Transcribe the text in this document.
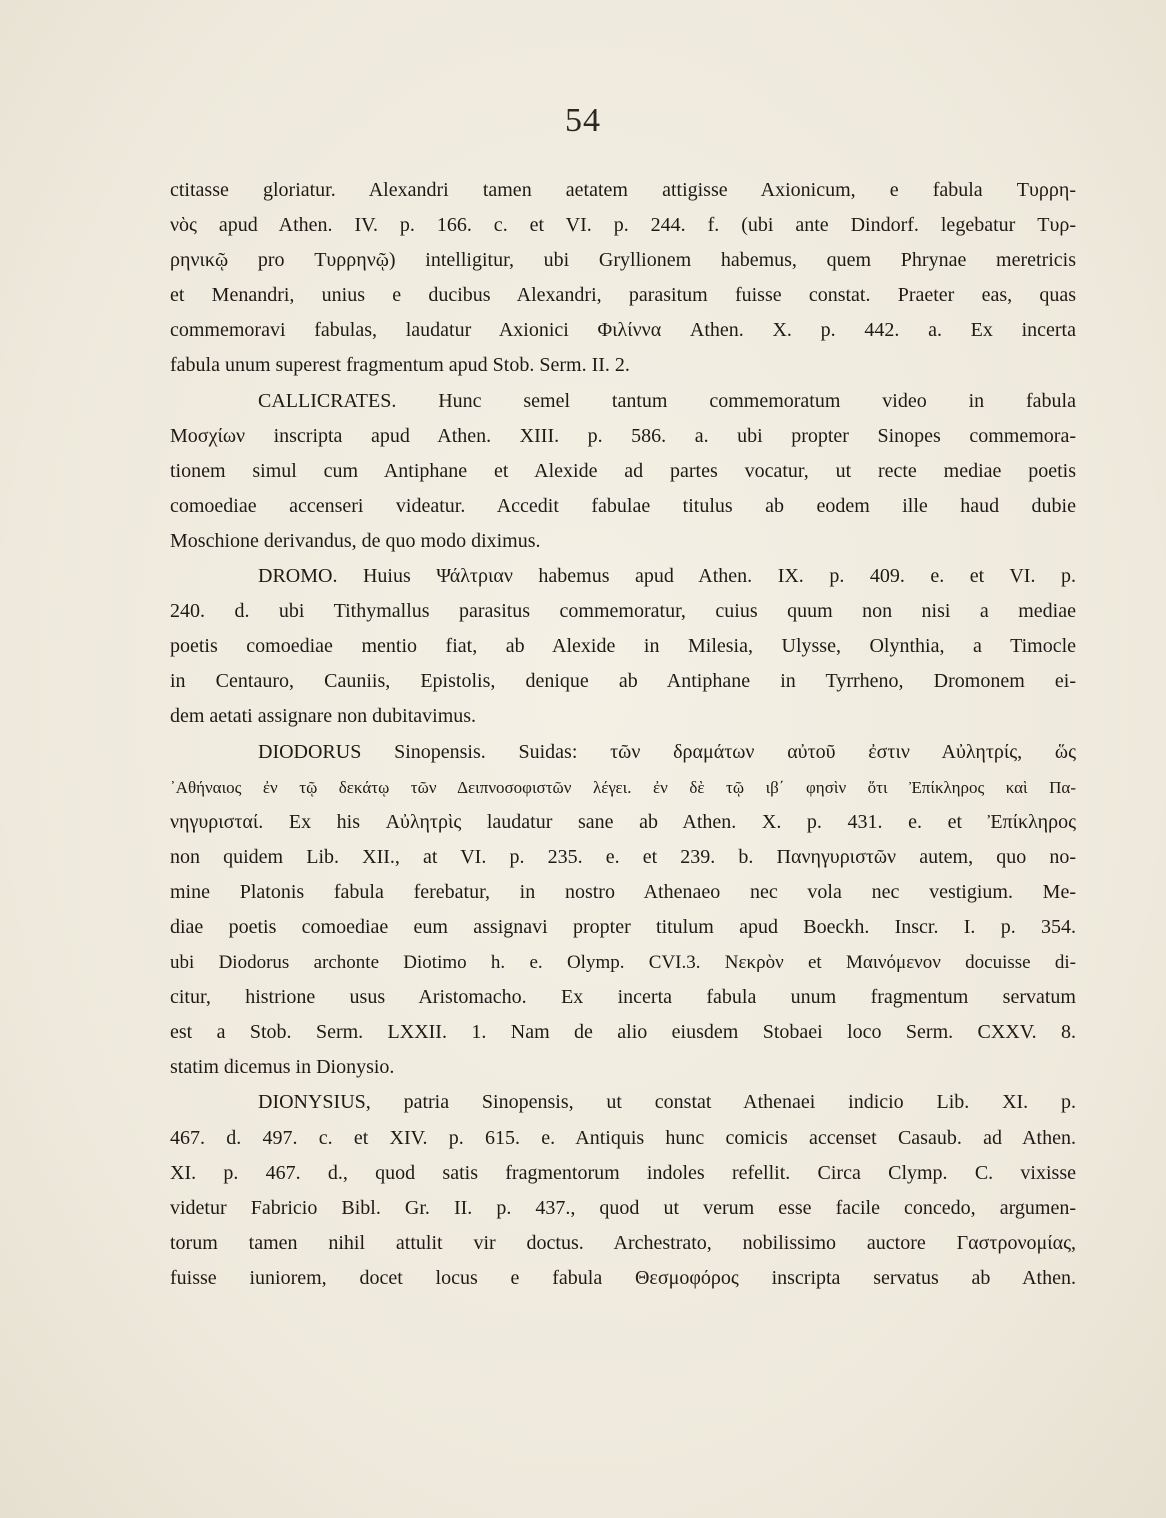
54
ctitasse gloriatur. Alexandri tamen aetatem attigisse Axionicum, e fabula Τυρρη-
νὸς apud Athen. IV. p. 166. c. et VI. p. 244. f. (ubi ante Dindorf. legebatur Τυρ-
ρηνικῷ pro Τυρρηνῷ) intelligitur, ubi Gryllionem habemus, quem Phrynae meretricis
et Menandri, unius e ducibus Alexandri, parasitum fuisse constat. Praeter eas, quas
commemoravi fabulas, laudatur Axionici Φιλίννα Athen. X. p. 442. a. Ex incerta
fabula unum superest fragmentum apud Stob. Serm. II. 2.
CALLICRATES. Hunc semel tantum commemoratum video in fabula
Μοσχίων inscripta apud Athen. XIII. p. 586. a. ubi propter Sinopes commemora-
tionem simul cum Antiphane et Alexide ad partes vocatur, ut recte mediae poetis
comoediae accenseri videatur. Accedit fabulae titulus ab eodem ille haud dubie
Moschione derivandus, de quo modo diximus.
DROMO. Huius Ψάλτριαν habemus apud Athen. IX. p. 409. e. et VI. p.
240. d. ubi Tithymallus parasitus commemoratur, cuius quum non nisi a mediae
poetis comoediae mentio fiat, ab Alexide in Milesia, Ulysse, Olynthia, a Timocle
in Centauro, Cauniis, Epistolis, denique ab Antiphane in Tyrrheno, Dromonem ei-
dem aetati assignare non dubitavimus.
DIODORUS Sinopensis. Suidas: τῶν δραμάτων αὐτοῦ ἐστιν Αὐλητρίς, ὥς
᾿Αθήναιος ἐν τῷ δεκάτῳ τῶν Δειπνοσοφιστῶν λέγει. ἐν δὲ τῷ ιβ΄ φησὶν ὅτι Ἐπίκληρος καὶ Πα-
νηγυρισταί. Ex his Αὐλητρὶς laudatur sane ab Athen. X. p. 431. e. et Ἐπίκληρος
non quidem Lib. XII., at VI. p. 235. e. et 239. b. Πανηγυριστῶν autem, quo no-
mine Platonis fabula ferebatur, in nostro Athenaeo nec vola nec vestigium. Me-
diae poetis comoediae eum assignavi propter titulum apud Boeckh. Inscr. I. p. 354.
ubi Diodorus archonte Diotimo h. e. Olymp. CVI.3. Νεκρὸν et Μαινόμενον docuisse di-
citur, histrione usus Aristomacho. Ex incerta fabula unum fragmentum servatum
est a Stob. Serm. LXXII. 1. Nam de alio eiusdem Stobaei loco Serm. CXXV. 8.
statim dicemus in Dionysio.
DIONYSIUS, patria Sinopensis, ut constat Athenaei indicio Lib. XI. p.
467. d. 497. c. et XIV. p. 615. e. Antiquis hunc comicis accenset Casaub. ad Athen.
XI. p. 467. d., quod satis fragmentorum indoles refellit. Circa Clymp. C. vixisse
videtur Fabricio Bibl. Gr. II. p. 437., quod ut verum esse facile concedo, argumen-
torum tamen nihil attulit vir doctus. Archestrato, nobilissimo auctore Γαστρονομίας,
fuisse iuniorem, docet locus e fabula Θεσμοφόρος inscripta servatus ab Athen.
